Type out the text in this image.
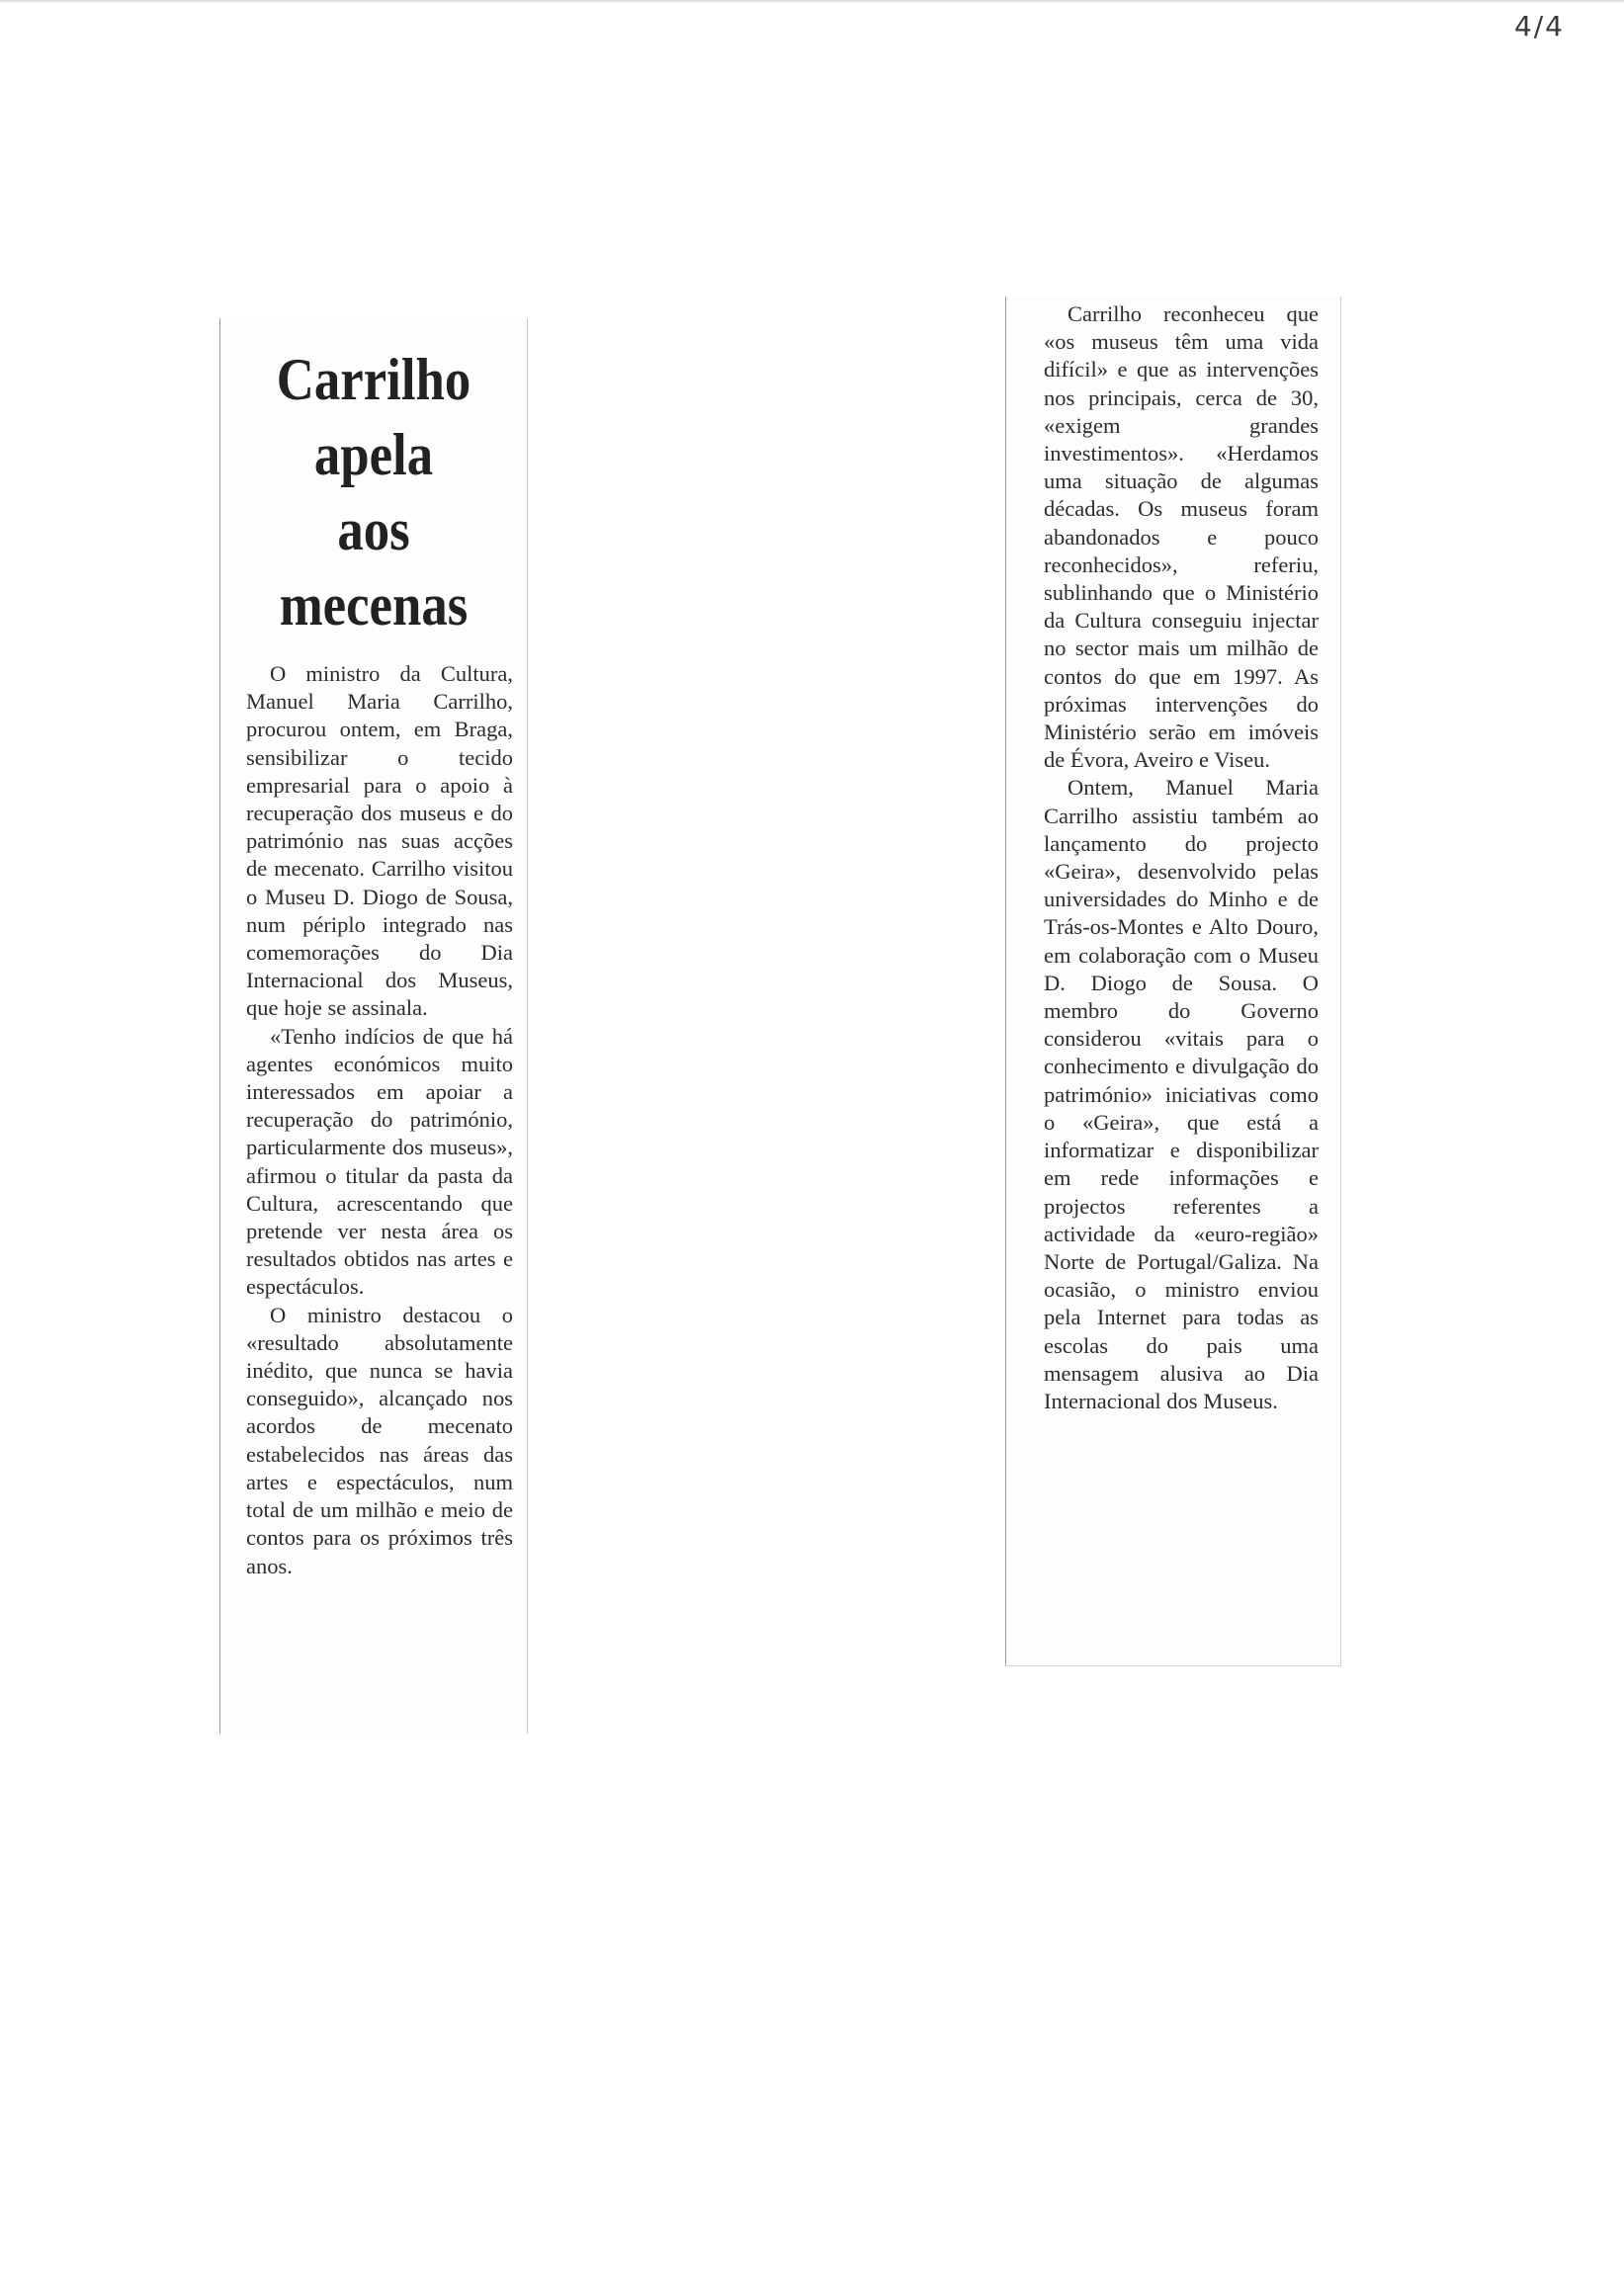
4/4
Carrilho
apela
aos
mecenas

O ministro da Cultura, Manuel Maria Carrilho, procurou ontem, em Braga, sensibilizar o tecido empresarial para o apoio à recuperação dos museus e do património nas suas acções de mecenato. Carrilho visitou o Museu D. Diogo de Sousa, num périplo integrado nas comemorações do Dia Internacional dos Museus, que hoje se assinala.

«Tenho indícios de que há agentes económicos muito interessados em apoiar a recuperação do património, particularmente dos museus», afirmou o titular da pasta da Cultura, acrescentando que pretende ver nesta área os resultados obtidos nas artes e espectáculos.

O ministro destacou o «resultado absolutamente inédito, que nunca se havia conseguido», alcançado nos acordos de mecenato estabelecidos nas áreas das artes e espectáculos, num total de um milhão e meio de contos para os próximos três anos.

Carrilho reconheceu que «os museus têm uma vida difícil» e que as intervenções nos principais, cerca de 30, «exigem grandes investimentos». «Herdamos uma situação de algumas décadas. Os museus foram abandonados e pouco reconhecidos», referiu, sublinhando que o Ministério da Cultura conseguiu injectar no sector mais um milhão de contos do que em 1997. As próximas intervenções do Ministério serão em imóveis de Évora, Aveiro e Viseu.

Ontem, Manuel Maria Carrilho assistiu também ao lançamento do projecto «Geira», desenvolvido pelas universidades do Minho e de Trás-os-Montes e Alto Douro, em colaboração com o Museu D. Diogo de Sousa. O membro do Governo considerou «vitais para o conhecimento e divulgação do património» iniciativas como o «Geira», que está a informatizar e disponibilizar em rede informações e projectos referentes a actividade da «euro-região» Norte de Portugal/Galiza. Na ocasião, o ministro enviou pela Internet para todas as escolas do pais uma mensagem alusiva ao Dia Internacional dos Museus.
